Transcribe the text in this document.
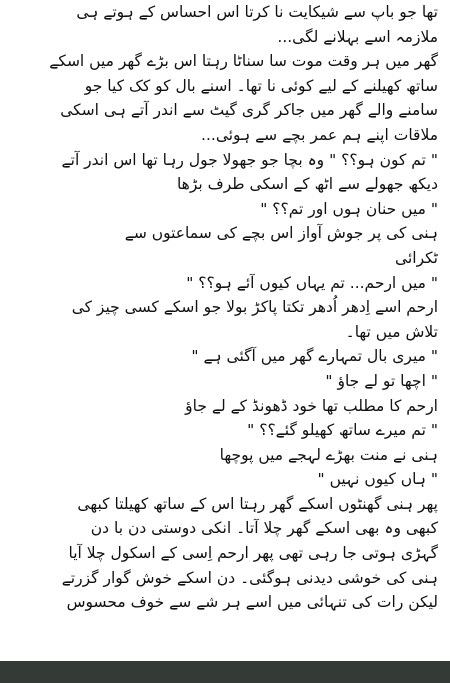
تھا جو باپ سے شیکایت نا کرتا اس احساس کے ہوتے ہی
ملازمہ اسے بہلانے لگی...
گھر میں ہر وقت موت سا سناٹا رہتا اس بڑے گھر میں اسکے
ساتھ کھیلنے کے لیے کوئی نا تھا۔ اسنے بال کو کک کیا جو
سامنے والے گھر میں جاکر گری گیٹ سے اندر آتے ہی اسکی
ملاقات اپنے ہم عمر بچے سے ہوئی...
" تم کون ہو؟؟ " وہ بچا جو جھولا جول رہا تھا اس اندر آتے
دیکھ جھولے سے اٹھ کے اسکی طرف بڑھا
" میں حنان ہوں اور تم؟؟ "
ہنی کی پر جوش آواز اس بچے کی سماعتوں سے
ٹکرائی
" میں ارحم... تم یہاں کیوں آئے ہو؟؟ "
ارحم اسے اِدھر اُدھر تکتا پاکڑ بولا جو اسکے کسی چیز کی
تلاش میں تھا۔
" میری بال تمہارے گھر میں آگئی ہے "
" اچھا تو لے جاؤ "
ارحم کا مطلب تھا خود ڈھونڈ کے لے جاؤ
" تم میرے ساتھ کھیلو گئے؟؟ "
ہنی نے منت بھڑے لہجے میں پوچھا
" ہاں کیوں نہیں "
پھر ہنی گھنٹوں اسکے گھر رہتا اس کے ساتھ کھیلتا کبھی
کبھی وہ بھی اسکے گھر چلا آتا۔ انکی دوستی دن با دن
گہڑی ہوتی جا رہی تھی پھر ارحم اِسی کے اسکول چلا آیا
ہنی کی خوشی دیدنی ہوگئی۔ دن اسکے خوش گوار گزرتے
لیکن رات کی تنہائی میں اسے ہر شے سے خوف محسوس
